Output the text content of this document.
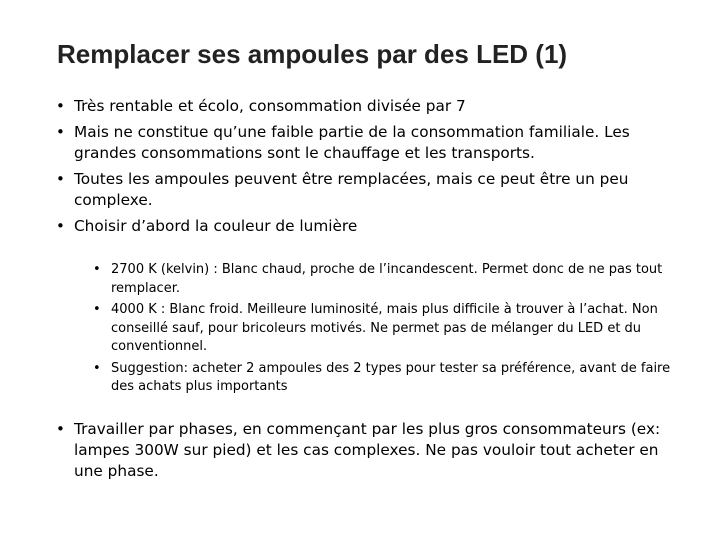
Remplacer ses ampoules par des LED (1)
• Très rentable et écolo, consommation divisée par 7
• Mais ne constitue qu’une faible partie de la consommation familiale. Les grandes consommations sont le chauffage et les transports.
• Toutes les ampoules peuvent être remplacées, mais ce peut être un peu complexe.
• Choisir d’abord la couleur de lumière
• 2700 K (kelvin) : Blanc chaud, proche de l’incandescent. Permet donc de ne pas tout remplacer.
• 4000 K : Blanc froid. Meilleure luminosité, mais plus difficile à trouver à l’achat. Non conseillé sauf, pour bricoleurs motivés. Ne permet pas de mélanger du LED et du conventionnel.
• Suggestion: acheter 2 ampoules des 2 types pour tester sa préférence, avant de faire des achats plus importants
• Travailler par phases, en commençant par les plus gros consommateurs (ex: lampes 300W sur pied) et les cas complexes. Ne pas vouloir tout acheter en une phase.
